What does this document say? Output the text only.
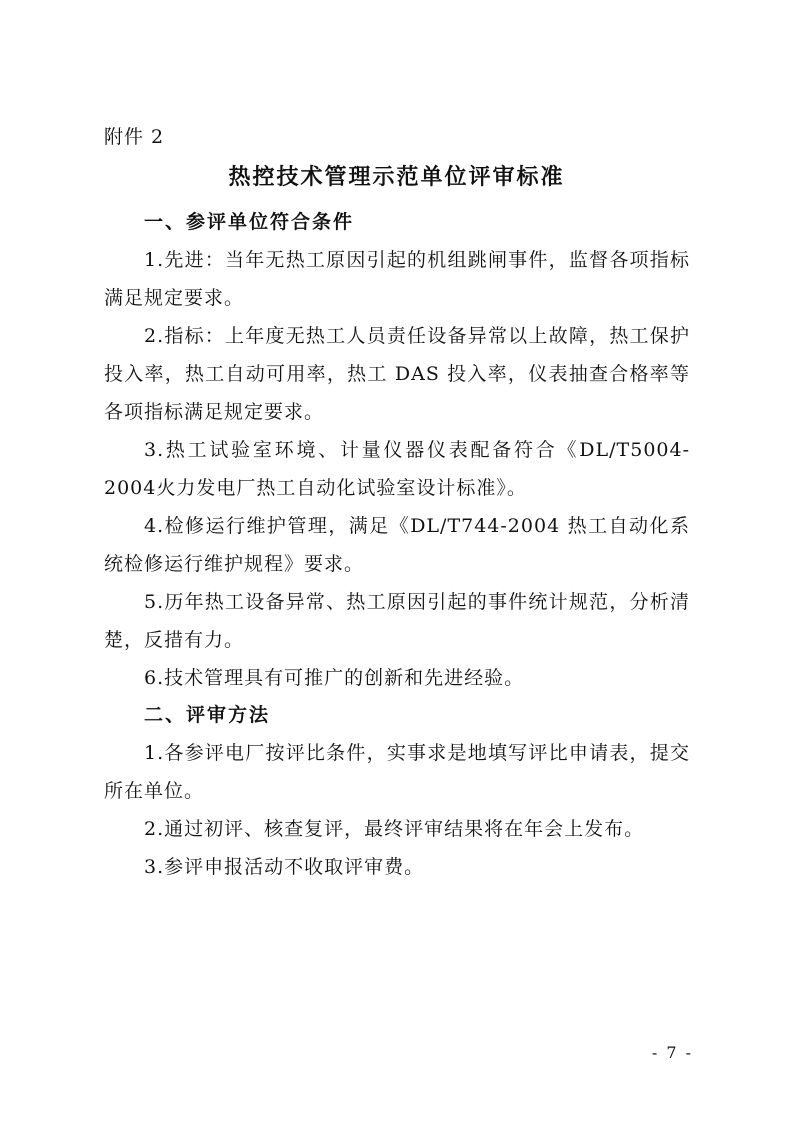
附件 2
热控技术管理示范单位评审标准

一、参评单位符合条件

1.先进：当年无热工原因引起的机组跳闸事件，监督各项指标满足规定要求。

2.指标：上年度无热工人员责任设备异常以上故障，热工保护投入率，热工自动可用率，热工 DAS 投入率，仪表抽查合格率等各项指标满足规定要求。

3.热工试验室环境、计量仪器仪表配备符合《DL/T5004-2004火力发电厂热工自动化试验室设计标准》。

4.检修运行维护管理，满足《DL/T744-2004 热工自动化系统检修运行维护规程》要求。

5.历年热工设备异常、热工原因引起的事件统计规范，分析清楚，反措有力。

6.技术管理具有可推广的创新和先进经验。

二、评审方法

1.各参评电厂按评比条件，实事求是地填写评比申请表，提交所在单位。

2.通过初评、核查复评，最终评审结果将在年会上发布。

3.参评申报活动不收取评审费。

- 7 -
